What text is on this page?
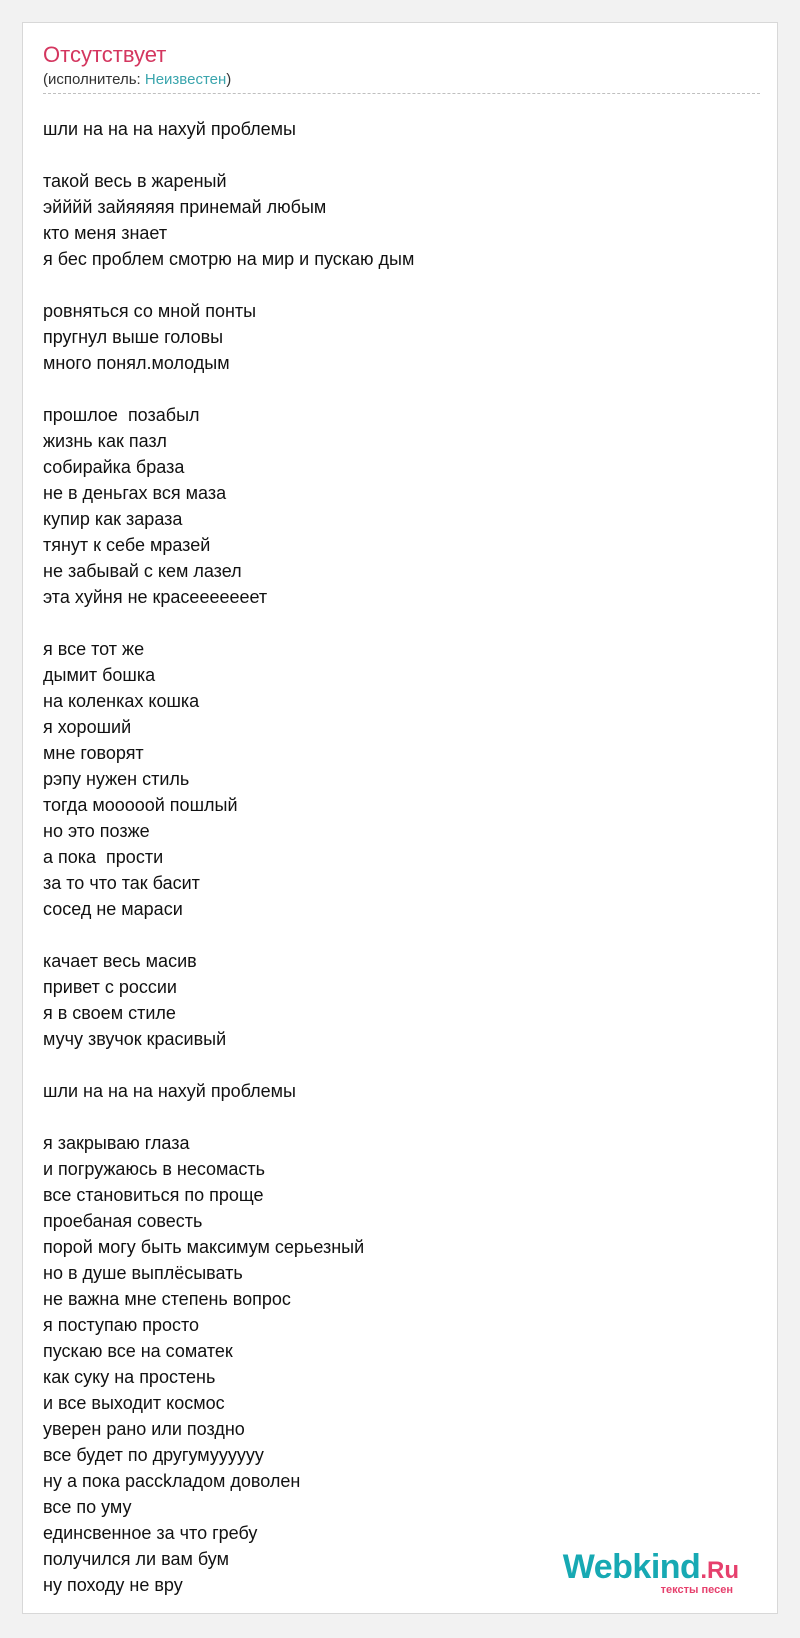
Отсутствует
(исполнитель: Неизвестен)
шли на на на нахуй проблемы
такой весь в жареный
эйййй зайяяяяя принемай любым
кто меня знает
я бес проблем смотрю на мир и пускаю дым
ровняться со мной понты
пругнул выше головы
много понял.молодым
прошлое  позабыл
жизнь как пазл
собирайка браза
не в деньгах вся маза
купир как зараза
тянут к себе мразей
не забывай с кем лазел
эта хуйня не красееееееет
я все тот же
дымит бошка
на коленках кошка
я хороший
мне говорят
рэпу нужен стиль
тогда мооооой пошлый
но это позже
а пока  прости
за то что так басит
сосед не мараси
качает весь масив
привет с россии
я в своем стиле
мучу звучок красивый
шли на на на нахуй проблемы
я закрываю глаза
и погружаюсь в несомасть
все становиться по проще
проебаная совесть
порой могу быть максимум серьезный
но в душе выплёсывать
не важна мне степень вопрос
я поступаю просто
пускаю все на соматек
как суку на простень
и все выходит космос
уверен рано или поздно
все будет по другумуууууу
ну а пока рассkладом доволен
все по уму
единсвенное за что гребу
получился ли вам бум
ну походу не вру	Webkind.Ru
тексты песен
